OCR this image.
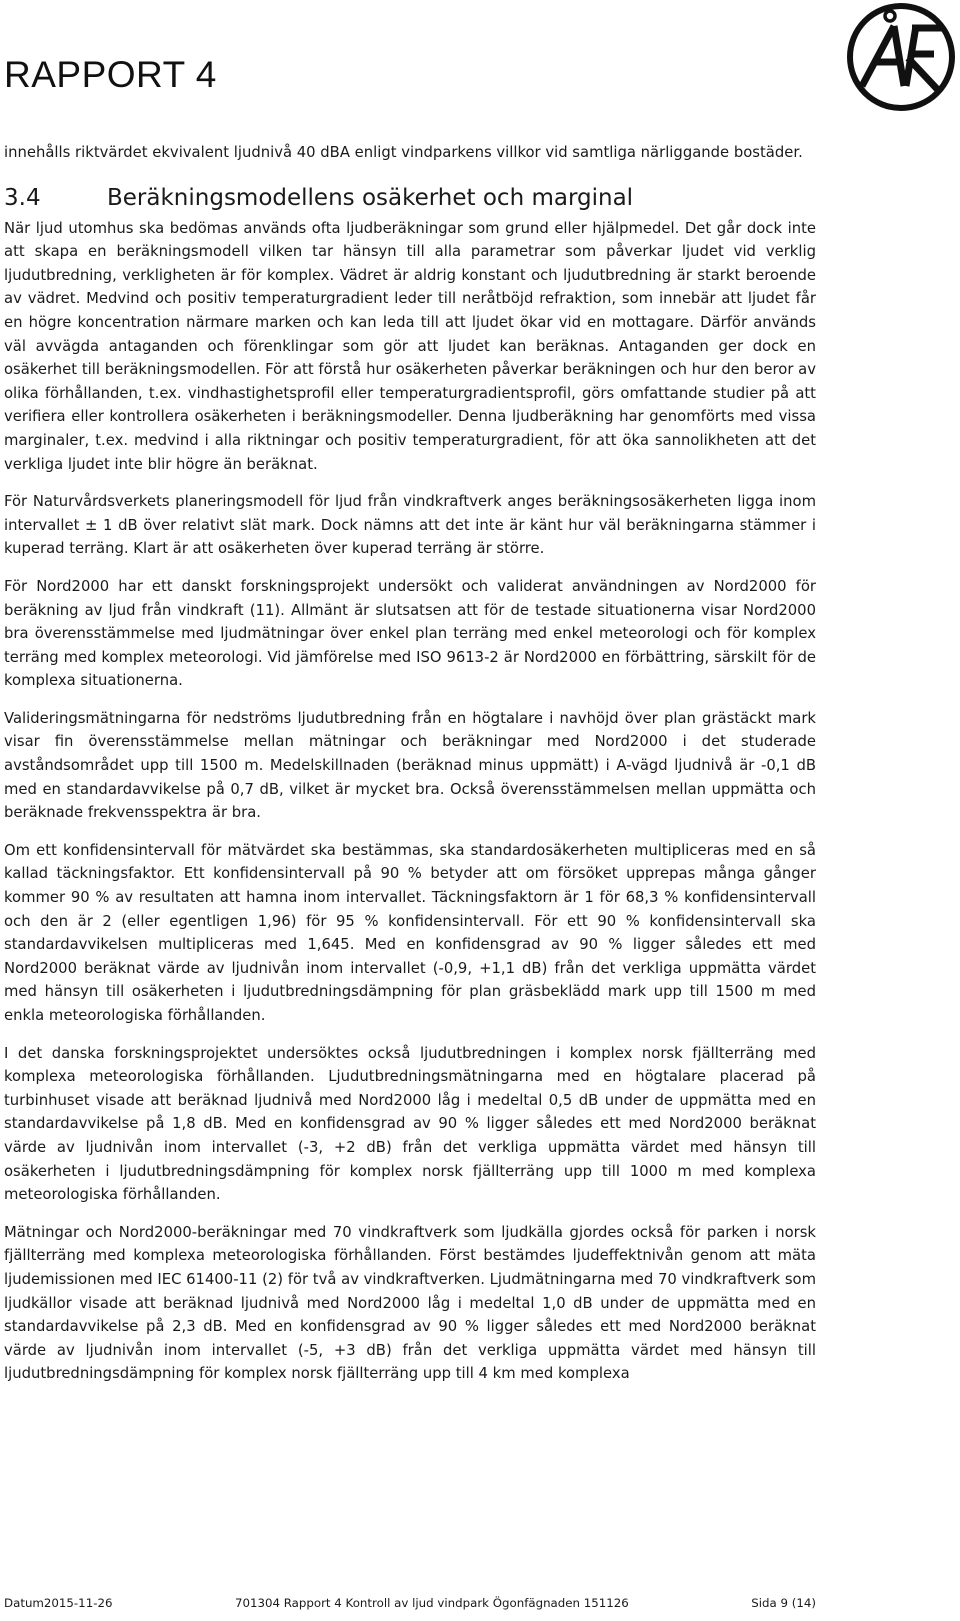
RAPPORT 4

innehålls riktvärdet ekvivalent ljudnivå 40 dBA enligt vindparkens villkor vid samtliga närliggande bostäder.

3.4	Beräkningsmodellens osäkerhet och marginal

När ljud utomhus ska bedömas används ofta ljudberäkningar som grund eller hjälpmedel. Det går dock inte att skapa en beräkningsmodell vilken tar hänsyn till alla parametrar som påverkar ljudet vid verklig ljudutbredning, verkligheten är för komplex. Vädret är aldrig konstant och ljudutbredning är starkt beroende av vädret. Medvind och positiv temperaturgradient leder till neråtböjd refraktion, som innebär att ljudet får en högre koncentration närmare marken och kan leda till att ljudet ökar vid en mottagare. Därför används väl avvägda antaganden och förenklingar som gör att ljudet kan beräknas. Antaganden ger dock en osäkerhet till beräkningsmodellen. För att förstå hur osäkerheten påverkar beräkningen och hur den beror av olika förhållanden, t.ex. vindhastighetsprofil eller temperaturgradientsprofil, görs omfattande studier på att verifiera eller kontrollera osäkerheten i beräkningsmodeller. Denna ljudberäkning har genomförts med vissa marginaler, t.ex. medvind i alla riktningar och positiv temperaturgradient, för att öka sannolikheten att det verkliga ljudet inte blir högre än beräknat.

För Naturvårdsverkets planeringsmodell för ljud från vindkraftverk anges beräkningsosäkerheten ligga inom intervallet ± 1 dB över relativt slät mark. Dock nämns att det inte är känt hur väl beräkningarna stämmer i kuperad terräng. Klart är att osäkerheten över kuperad terräng är större.

För Nord2000 har ett danskt forskningsprojekt undersökt och validerat användningen av Nord2000 för beräkning av ljud från vindkraft (11). Allmänt är slutsatsen att för de testade situationerna visar Nord2000 bra överensstämmelse med ljudmätningar över enkel plan terräng med enkel meteorologi och för komplex terräng med komplex meteorologi. Vid jämförelse med ISO 9613-2 är Nord2000 en förbättring, särskilt för de komplexa situationerna.

Valideringsmätningarna för nedströms ljudutbredning från en högtalare i navhöjd över plan grästäckt mark visar fin överensstämmelse mellan mätningar och beräkningar med Nord2000 i det studerade avståndsområdet upp till 1500 m. Medelskillnaden (beräknad minus uppmätt) i A-vägd ljudnivå är -0,1 dB med en standardavvikelse på 0,7 dB, vilket är mycket bra. Också överensstämmelsen mellan uppmätta och beräknade frekvensspektra är bra.

Om ett konfidensintervall för mätvärdet ska bestämmas, ska standardosäkerheten multipliceras med en så kallad täckningsfaktor. Ett konfidensintervall på 90 % betyder att om försöket upprepas många gånger kommer 90 % av resultaten att hamna inom intervallet. Täckningsfaktorn är 1 för 68,3 % konfidensintervall och den är 2 (eller egentligen 1,96) för 95 % konfidensintervall. För ett 90 % konfidensintervall ska standardavvikelsen multipliceras med 1,645. Med en konfidensgrad av 90 % ligger således ett med Nord2000 beräknat värde av ljudnivån inom intervallet (-0,9, +1,1 dB) från det verkliga uppmätta värdet med hänsyn till osäkerheten i ljudutbredningsdämpning för plan gräsbeklädd mark upp till 1500 m med enkla meteorologiska förhållanden.

I det danska forskningsprojektet undersöktes också ljudutbredningen i komplex norsk fjällterräng med komplexa meteorologiska förhållanden. Ljudutbredningsmätningarna med en högtalare placerad på turbinhuset visade att beräknad ljudnivå med Nord2000 låg i medeltal 0,5 dB under de uppmätta med en standardavvikelse på 1,8 dB. Med en konfidensgrad av 90 % ligger således ett med Nord2000 beräknat värde av ljudnivån inom intervallet (-3, +2 dB) från det verkliga uppmätta värdet med hänsyn till osäkerheten i ljudutbredningsdämpning för komplex norsk fjällterräng upp till 1000 m med komplexa meteorologiska förhållanden.

Mätningar och Nord2000-beräkningar med 70 vindkraftverk som ljudkälla gjordes också för parken i norsk fjällterräng med komplexa meteorologiska förhållanden. Först bestämdes ljudeffektnivån genom att mäta ljudemissionen med IEC 61400-11 (2) för två av vindkraftverken. Ljudmätningarna med 70 vindkraftverk som ljudkällor visade att beräknad ljudnivå med Nord2000 låg i medeltal 1,0 dB under de uppmätta med en standardavvikelse på 2,3 dB. Med en konfidensgrad av 90 % ligger således ett med Nord2000 beräknat värde av ljudnivån inom intervallet (-5, +3 dB) från det verkliga uppmätta värdet med hänsyn till ljudutbredningsdämpning för komplex norsk fjällterräng upp till 4 km med komplexa

Datum2015-11-26	701304 Rapport 4 Kontroll av ljud vindpark Ögonfägnaden 151126	Sida 9 (14)
